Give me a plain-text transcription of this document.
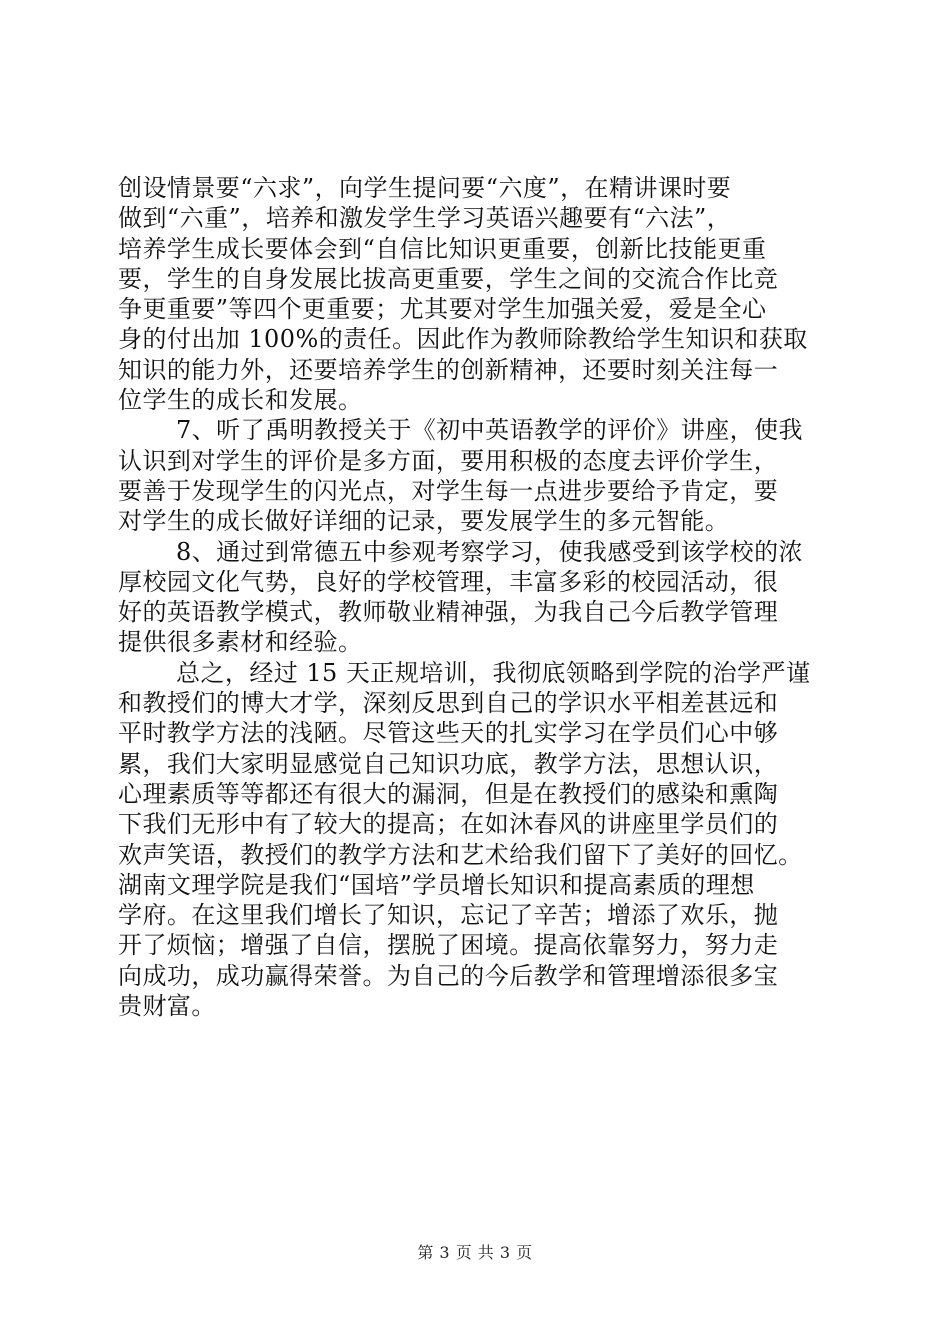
创设情景要“六求”，向学生提问要“六度”，在精讲课时要
做到“六重”，培养和激发学生学习英语兴趣要有“六法”，
培养学生成长要体会到“自信比知识更重要，创新比技能更重
要，学生的自身发展比拔高更重要，学生之间的交流合作比竞
争更重要”等四个更重要；尤其要对学生加强关爱，爱是全心
身的付出加 100%的责任。因此作为教师除教给学生知识和获取
知识的能力外，还要培养学生的创新精神，还要时刻关注每一
位学生的成长和发展。
7、听了禹明教授关于《初中英语教学的评价》讲座，使我
认识到对学生的评价是多方面，要用积极的态度去评价学生，
要善于发现学生的闪光点，对学生每一点进步要给予肯定，要
对学生的成长做好详细的记录，要发展学生的多元智能。
8、通过到常德五中参观考察学习，使我感受到该学校的浓
厚校园文化气势，良好的学校管理，丰富多彩的校园活动，很
好的英语教学模式，教师敬业精神强，为我自己今后教学管理
提供很多素材和经验。
总之，经过 15 天正规培训，我彻底领略到学院的治学严谨
和教授们的博大才学，深刻反思到自己的学识水平相差甚远和
平时教学方法的浅陋。尽管这些天的扎实学习在学员们心中够
累，我们大家明显感觉自己知识功底，教学方法，思想认识，
心理素质等等都还有很大的漏洞，但是在教授们的感染和熏陶
下我们无形中有了较大的提高；在如沐春风的讲座里学员们的
欢声笑语，教授们的教学方法和艺术给我们留下了美好的回忆。
湖南文理学院是我们“国培”学员增长知识和提高素质的理想
学府。在这里我们增长了知识，忘记了辛苦；增添了欢乐，抛
开了烦恼；增强了自信，摆脱了困境。提高依靠努力，努力走
向成功，成功赢得荣誉。为自己的今后教学和管理增添很多宝
贵财富。
第 3 页 共 3 页
